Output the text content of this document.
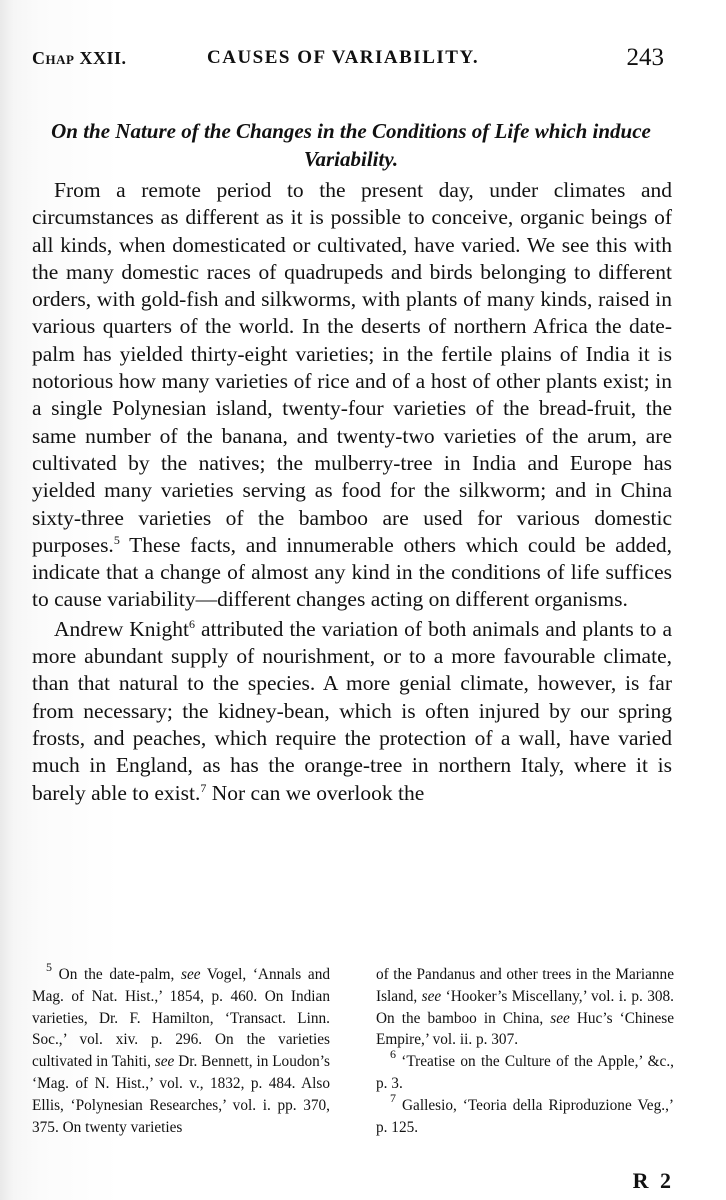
Chap XXII.	CAUSES OF VARIABILITY.	243
On the Nature of the Changes in the Conditions of Life which induce Variability.

From a remote period to the present day, under climates and circumstances as different as it is possible to conceive, organic beings of all kinds, when domesticated or cultivated, have varied. We see this with the many domestic races of quadrupeds and birds belonging to different orders, with gold-fish and silkworms, with plants of many kinds, raised in various quarters of the world. In the deserts of northern Africa the date-palm has yielded thirty-eight varieties; in the fertile plains of India it is notorious how many varieties of rice and of a host of other plants exist; in a single Polynesian island, twenty-four varieties of the bread-fruit, the same number of the banana, and twenty-two varieties of the arum, are cultivated by the natives; the mulberry-tree in India and Europe has yielded many varieties serving as food for the silkworm; and in China sixty-three varieties of the bamboo are used for various domestic purposes.$^5$ These facts, and innumerable others which could be added, indicate that a change of almost any kind in the conditions of life suffices to cause variability—different changes acting on different organisms.

Andrew Knight$^6$ attributed the variation of both animals and plants to a more abundant supply of nourishment, or to a more favourable climate, than that natural to the species. A more genial climate, however, is far from necessary; the kidney-bean, which is often injured by our spring frosts, and peaches, which require the protection of a wall, have varied much in England, as has the orange-tree in northern Italy, where it is barely able to exist.$^7$ Nor can we overlook the

$^5$ On the date-palm, see Vogel, ‘Annals and Mag. of Nat. Hist.,’ 1854, p. 460. On Indian varieties, Dr. F. Hamilton, ‘Transact. Linn. Soc.,’ vol. xiv. p. 296. On the varieties cultivated in Tahiti, see Dr. Bennett, in Loudon’s ‘Mag. of N. Hist.,’ vol. v., 1832, p. 484. Also Ellis, ‘Polynesian Researches,’ vol. i. pp. 370, 375. On twenty varieties

of the Pandanus and other trees in the Marianne Island, see ‘Hooker’s Miscellany,’ vol. i. p. 308. On the bamboo in China, see Huc’s ‘Chinese Empire,’ vol. ii. p. 307.

$^6$ ‘Treatise on the Culture of the Apple,’ &c., p. 3.

$^7$ Gallesio, ‘Teoria della Riproduzione Veg.,’ p. 125.

R 2
